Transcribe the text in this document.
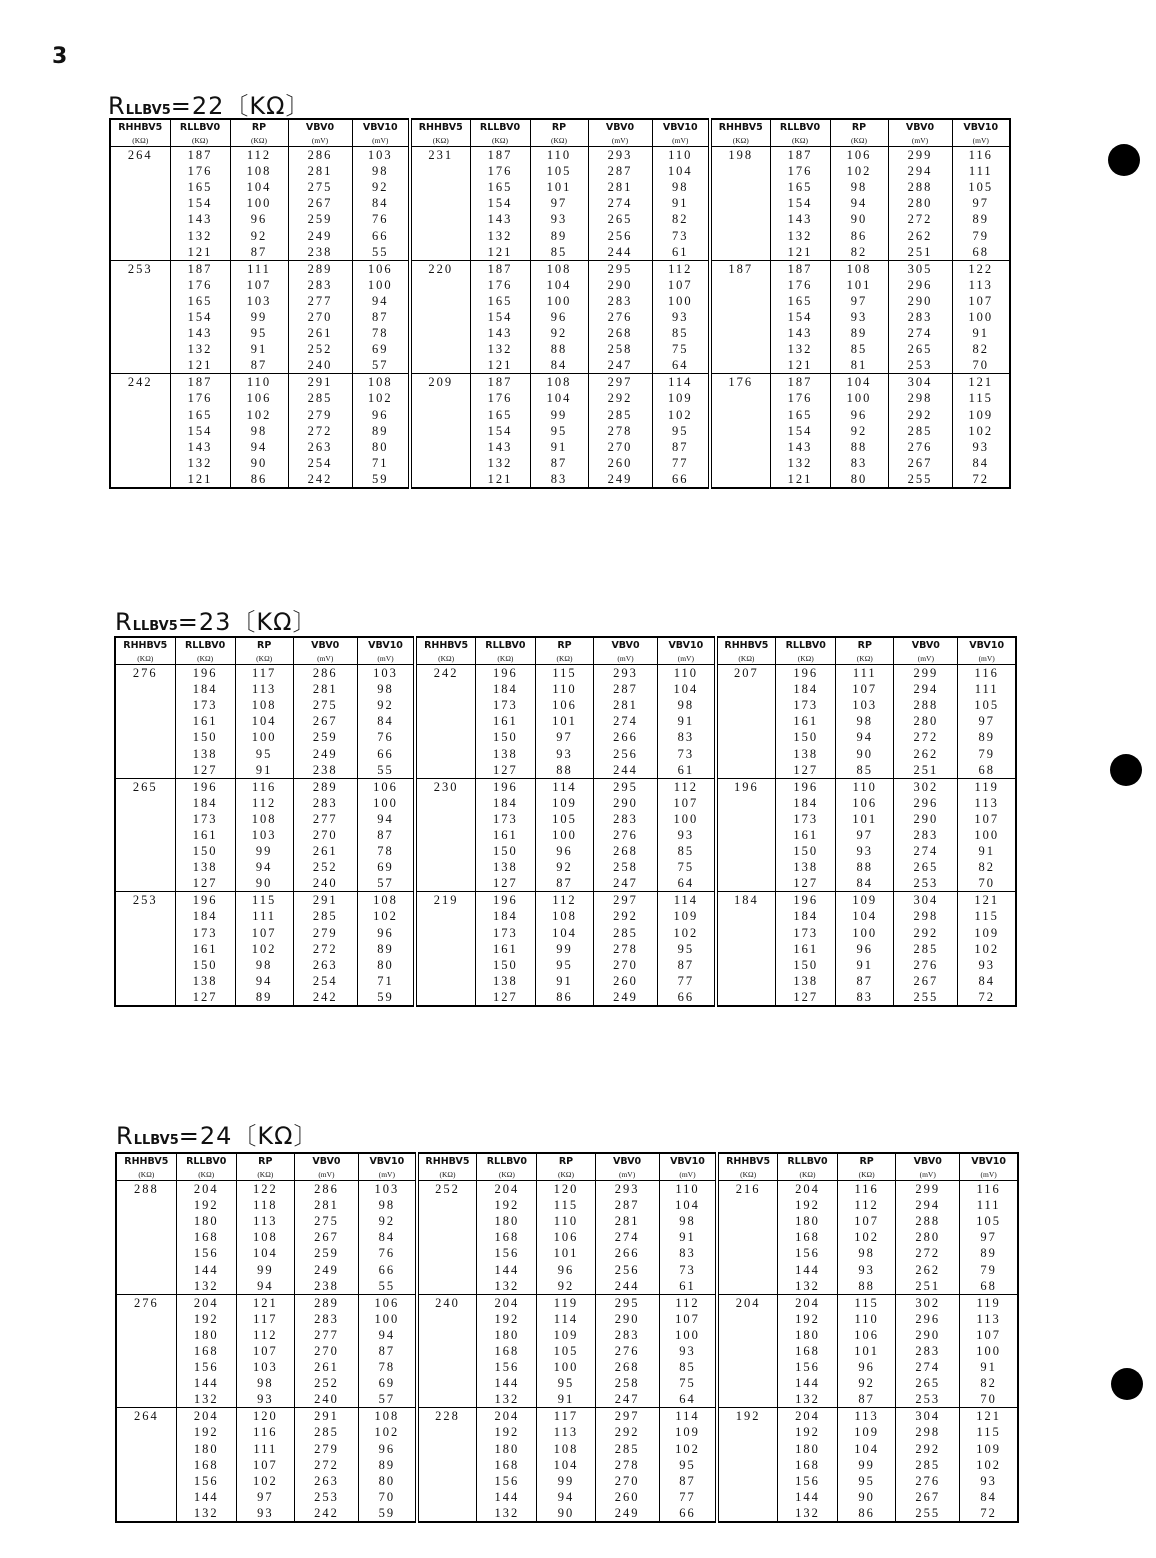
3
RLLBV5=22〔KΩ〕
RHHBV5	RLLBV0	RP	VBV0	VBV10	RHHBV5	RLLBV0	RP	VBV0	VBV10	RHHBV5	RLLBV0	RP	VBV0	VBV10
(KΩ)	(KΩ)	(KΩ)	(mV)	(mV)	(KΩ)	(KΩ)	(KΩ)	(mV)	(mV)	(KΩ)	(KΩ)	(KΩ)	(mV)	(mV)
264	187	112	286	103	231	187	110	293	110	198	187	106	299	116
	176	108	281	98		176	105	287	104		176	102	294	111
	165	104	275	92		165	101	281	98		165	98	288	105
	154	100	267	84		154	97	274	91		154	94	280	97
	143	96	259	76		143	93	265	82		143	90	272	89
	132	92	249	66		132	89	256	73		132	86	262	79
	121	87	238	55		121	85	244	61		121	82	251	68
253	187	111	289	106	220	187	108	295	112	187	187	108	305	122
	176	107	283	100		176	104	290	107		176	101	296	113
	165	103	277	94		165	100	283	100		165	97	290	107
	154	99	270	87		154	96	276	93		154	93	283	100
	143	95	261	78		143	92	268	85		143	89	274	91
	132	91	252	69		132	88	258	75		132	85	265	82
	121	87	240	57		121	84	247	64		121	81	253	70
242	187	110	291	108	209	187	108	297	114	176	187	104	304	121
	176	106	285	102		176	104	292	109		176	100	298	115
	165	102	279	96		165	99	285	102		165	96	292	109
	154	98	272	89		154	95	278	95		154	92	285	102
	143	94	263	80		143	91	270	87		143	88	276	93
	132	90	254	71		132	87	260	77		132	83	267	84
	121	86	242	59		121	83	249	66		121	80	255	72
RLLBV5=23〔KΩ〕
RHHBV5	RLLBV0	RP	VBV0	VBV10	RHHBV5	RLLBV0	RP	VBV0	VBV10	RHHBV5	RLLBV0	RP	VBV0	VBV10
(KΩ)	(KΩ)	(KΩ)	(mV)	(mV)	(KΩ)	(KΩ)	(KΩ)	(mV)	(mV)	(KΩ)	(KΩ)	(KΩ)	(mV)	(mV)
276	196	117	286	103	242	196	115	293	110	207	196	111	299	116
	184	113	281	98		184	110	287	104		184	107	294	111
	173	108	275	92		173	106	281	98		173	103	288	105
	161	104	267	84		161	101	274	91		161	98	280	97
	150	100	259	76		150	97	266	83		150	94	272	89
	138	95	249	66		138	93	256	73		138	90	262	79
	127	91	238	55		127	88	244	61		127	85	251	68
265	196	116	289	106	230	196	114	295	112	196	196	110	302	119
	184	112	283	100		184	109	290	107		184	106	296	113
	173	108	277	94		173	105	283	100		173	101	290	107
	161	103	270	87		161	100	276	93		161	97	283	100
	150	99	261	78		150	96	268	85		150	93	274	91
	138	94	252	69		138	92	258	75		138	88	265	82
	127	90	240	57		127	87	247	64		127	84	253	70
253	196	115	291	108	219	196	112	297	114	184	196	109	304	121
	184	111	285	102		184	108	292	109		184	104	298	115
	173	107	279	96		173	104	285	102		173	100	292	109
	161	102	272	89		161	99	278	95		161	96	285	102
	150	98	263	80		150	95	270	87		150	91	276	93
	138	94	254	71		138	91	260	77		138	87	267	84
	127	89	242	59		127	86	249	66		127	83	255	72
RLLBV5=24〔KΩ〕
RHHBV5	RLLBV0	RP	VBV0	VBV10	RHHBV5	RLLBV0	RP	VBV0	VBV10	RHHBV5	RLLBV0	RP	VBV0	VBV10
(KΩ)	(KΩ)	(KΩ)	(mV)	(mV)	(KΩ)	(KΩ)	(KΩ)	(mV)	(mV)	(KΩ)	(KΩ)	(KΩ)	(mV)	(mV)
288	204	122	286	103	252	204	120	293	110	216	204	116	299	116
	192	118	281	98		192	115	287	104		192	112	294	111
	180	113	275	92		180	110	281	98		180	107	288	105
	168	108	267	84		168	106	274	91		168	102	280	97
	156	104	259	76		156	101	266	83		156	98	272	89
	144	99	249	66		144	96	256	73		144	93	262	79
	132	94	238	55		132	92	244	61		132	88	251	68
276	204	121	289	106	240	204	119	295	112	204	204	115	302	119
	192	117	283	100		192	114	290	107		192	110	296	113
	180	112	277	94		180	109	283	100		180	106	290	107
	168	107	270	87		168	105	276	93		168	101	283	100
	156	103	261	78		156	100	268	85		156	96	274	91
	144	98	252	69		144	95	258	75		144	92	265	82
	132	93	240	57		132	91	247	64		132	87	253	70
264	204	120	291	108	228	204	117	297	114	192	204	113	304	121
	192	116	285	102		192	113	292	109		192	109	298	115
	180	111	279	96		180	108	285	102		180	104	292	109
	168	107	272	89		168	104	278	95		168	99	285	102
	156	102	263	80		156	99	270	87		156	95	276	93
	144	97	253	70		144	94	260	77		144	90	267	84
	132	93	242	59		132	90	249	66		132	86	255	72
